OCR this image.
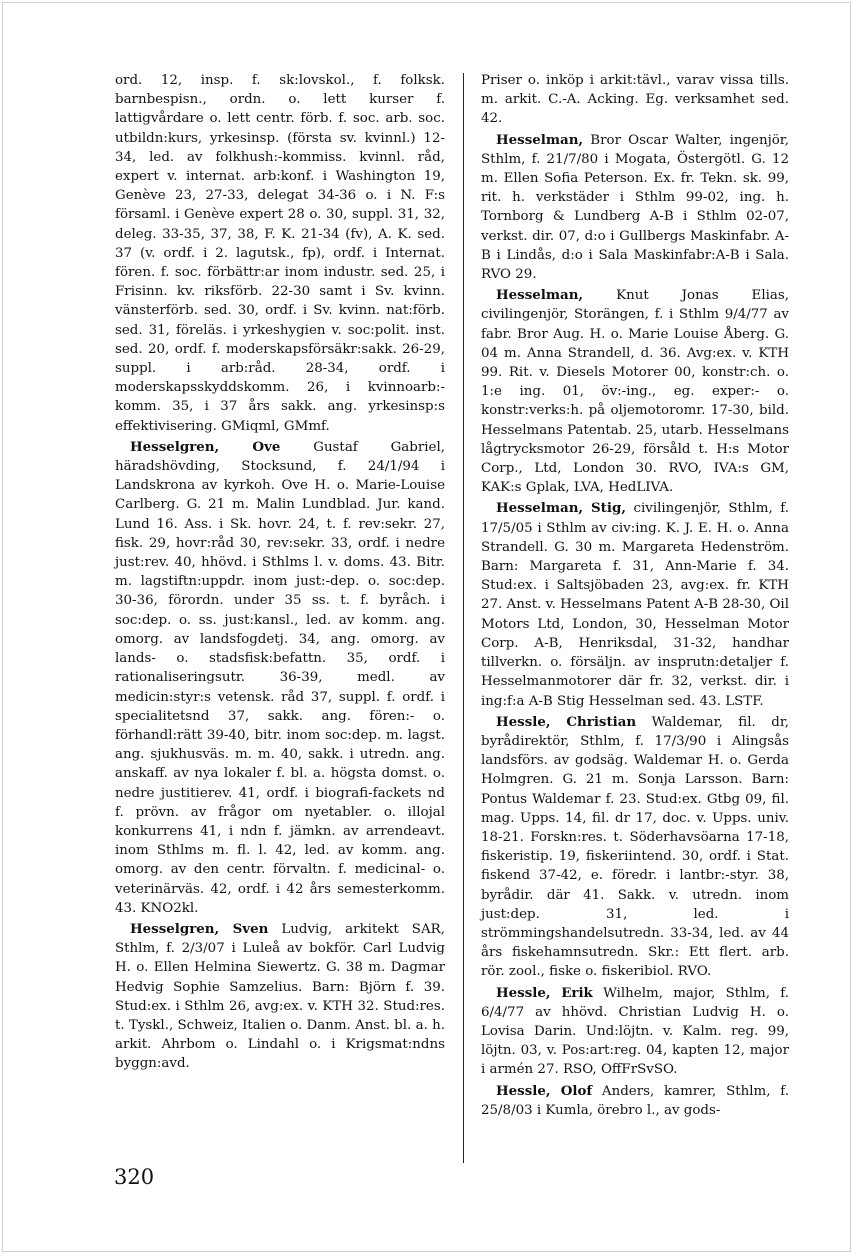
ord. 12, insp. f. sk:lovskol., f. folksk. barnbespisn., ordn. o. lett kurser f. lattigvårdare o. lett centr. förb. f. soc. arb. soc. utbildn:kurs, yrkesinsp. (första sv. kvinnl.) 12-34, led. av folkhush:-kommiss. kvinnl. råd, expert v. internat. arb:konf. i Washington 19, Genève 23, 27-33, delegat 34-36 o. i N. F:s församl. i Genève expert 28 o. 30, suppl. 31, 32, deleg. 33-35, 37, 38, F. K. 21-34 (fv), A. K. sed. 37 (v. ordf. i 2. lagutsk., fp), ordf. i Internat. fören. f. soc. förbättr:ar inom industr. sed. 25, i Frisinn. kv. riksförb. 22-30 samt i Sv. kvinn. vänsterförb. sed. 30, ordf. i Sv. kvinn. nat:förb. sed. 31, föreläs. i yrkeshygien v. soc:polit. inst. sed. 20, ordf. f. moderskapsförsäkr:sakk. 26-29, suppl. i arb:råd. 28-34, ordf. i moderskapsskyddskomm. 26, i kvinnoarb:-komm. 35, i 37 års sakk. ang. yrkesinsp:s effektivisering. GMiqml, GMmf.

Hesselgren, Ove Gustaf Gabriel, häradshövding, Stocksund, f. 24/1/94 i Landskrona av kyrkoh. Ove H. o. Marie-Louise Carlberg. G. 21 m. Malin Lundblad. Jur. kand. Lund 16. Ass. i Sk. hovr. 24, t. f. rev:sekr. 27, fisk. 29, hovr:råd 30, rev:sekr. 33, ordf. i nedre just:rev. 40, hhövd. i Sthlms l. v. doms. 43. Bitr. m. lagstiftn:uppdr. inom just:-dep. o. soc:dep. 30-36, förordn. under 35 ss. t. f. byråch. i soc:dep. o. ss. just:kansl., led. av komm. ang. omorg. av landsfogdetj. 34, ang. omorg. av lands- o. stadsfisk:befattn. 35, ordf. i rationaliseringsutr. 36-39, medl. av medicin:styr:s vetensk. råd 37, suppl. f. ordf. i specialitetsnd 37, sakk. ang. fören:- o. förhandl:rätt 39-40, bitr. inom soc:dep. m. lagst. ang. sjukhusväs. m. m. 40, sakk. i utredn. ang. anskaff. av nya lokaler f. bl. a. högsta domst. o. nedre justitierev. 41, ordf. i biografi-fackets nd f. prövn. av frågor om nyetabler. o. illojal konkurrens 41, i ndn f. jämkn. av arrendeavt. inom Sthlms m. fl. l. 42, led. av komm. ang. omorg. av den centr. förvaltn. f. medicinal- o. veterinärväs. 42, ordf. i 42 års semesterkomm. 43. KNO2kl.

Hesselgren, Sven Ludvig, arkitekt SAR, Sthlm, f. 2/3/07 i Luleå av bokför. Carl Ludvig H. o. Ellen Helmina Siewertz. G. 38 m. Dagmar Hedvig Sophie Samzelius. Barn: Björn f. 39. Stud:ex. i Sthlm 26, avg:ex. v. KTH 32. Stud:res. t. Tyskl., Schweiz, Italien o. Danm. Anst. bl. a. h. arkit. Ahrbom o. Lindahl o. i Krigsmat:ndns byggn:avd.

Priser o. inköp i arkit:tävl., varav vissa tills. m. arkit. C.-A. Acking. Eg. verksamhet sed. 42.

Hesselman, Bror Oscar Walter, ingenjör, Sthlm, f. 21/7/80 i Mogata, Östergötl. G. 12 m. Ellen Sofia Peterson. Ex. fr. Tekn. sk. 99, rit. h. verkstäder i Sthlm 99-02, ing. h. Tornborg & Lundberg A-B i Sthlm 02-07, verkst. dir. 07, d:o i Gullbergs Maskinfabr. A-B i Lindås, d:o i Sala Maskinfabr:A-B i Sala. RVO 29.

Hesselman, Knut Jonas Elias, civilingenjör, Storängen, f. i Sthlm 9/4/77 av fabr. Bror Aug. H. o. Marie Louise Åberg. G. 04 m. Anna Strandell, d. 36. Avg:ex. v. KTH 99. Rit. v. Diesels Motorer 00, konstr:ch. o. 1:e ing. 01, öv:-ing., eg. exper:- o. konstr:verks:h. på oljemotoromr. 17-30, bild. Hesselmans Patentab. 25, utarb. Hesselmans lågtrycksmotor 26-29, försåld t. H:s Motor Corp., Ltd, London 30. RVO, IVA:s GM, KAK:s Gplak, LVA, HedLIVA.

Hesselman, Stig, civilingenjör, Sthlm, f. 17/5/05 i Sthlm av civ:ing. K. J. E. H. o. Anna Strandell. G. 30 m. Margareta Hedenström. Barn: Margareta f. 31, Ann-Marie f. 34. Stud:ex. i Saltsjöbaden 23, avg:ex. fr. KTH 27. Anst. v. Hesselmans Patent A-B 28-30, Oil Motors Ltd, London, 30, Hesselman Motor Corp. A-B, Henriksdal, 31-32, handhar tillverkn. o. försäljn. av insprutn:detaljer f. Hesselmanmotorer där fr. 32, verkst. dir. i ing:f:a A-B Stig Hesselman sed. 43. LSTF.

Hessle, Christian Waldemar, fil. dr, byrådirektör, Sthlm, f. 17/3/90 i Alingsås landsförs. av godsäg. Waldemar H. o. Gerda Holmgren. G. 21 m. Sonja Larsson. Barn: Pontus Waldemar f. 23. Stud:ex. Gtbg 09, fil. mag. Upps. 14, fil. dr 17, doc. v. Upps. univ. 18-21. Forskn:res. t. Söderhavsöarna 17-18, fiskeristip. 19, fiskeriintend. 30, ordf. i Stat. fiskend 37-42, e. föredr. i lantbr:-styr. 38, byrådir. där 41. Sakk. v. utredn. inom just:dep. 31, led. i strömmingshandelsutredn. 33-34, led. av 44 års fiskehamnsutredn. Skr.: Ett flert. arb. rör. zool., fiske o. fiskeribiol. RVO.

Hessle, Erik Wilhelm, major, Sthlm, f. 6/4/77 av hhövd. Christian Ludvig H. o. Lovisa Darin. Und:löjtn. v. Kalm. reg. 99, löjtn. 03, v. Pos:art:reg. 04, kapten 12, major i armén 27. RSO, OffFrSvSO.

Hessle, Olof Anders, kamrer, Sthlm, f. 25/8/03 i Kumla, örebro l., av gods-

320
